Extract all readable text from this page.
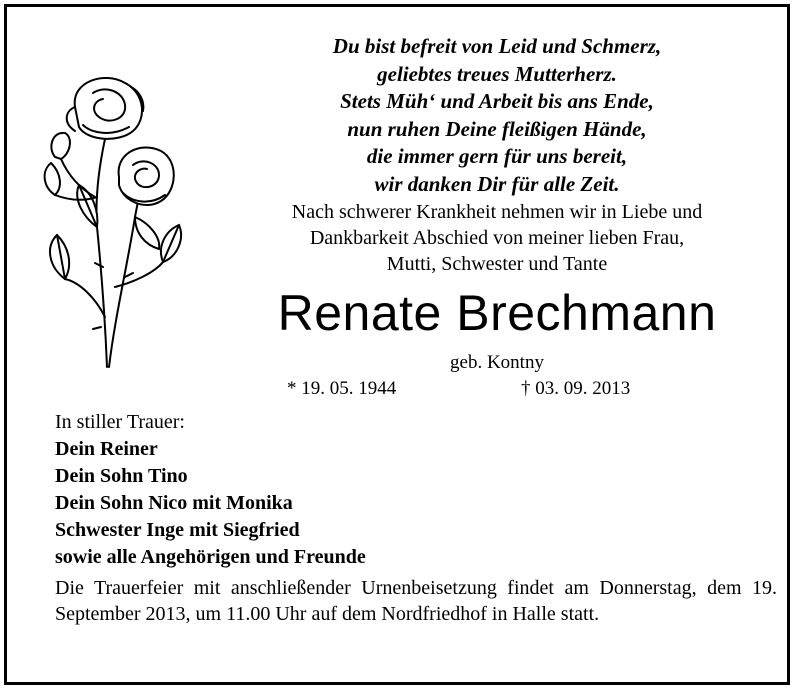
Du bist befreit von Leid und Schmerz,
geliebtes treues Mutterherz.
Stets Müh‘ und Arbeit bis ans Ende,
nun ruhen Deine fleißigen Hände,
die immer gern für uns bereit,
wir danken Dir für alle Zeit.
Nach schwerer Krankheit nehmen wir in Liebe und
Dankbarkeit Abschied von meiner lieben Frau,
Mutti, Schwester und Tante
Renate Brechmann
geb. Kontny
* 19. 05. 1944	† 03. 09. 2013
In stiller Trauer:
Dein Reiner
Dein Sohn Tino
Dein Sohn Nico mit Monika
Schwester Inge mit Siegfried
sowie alle Angehörigen und Freunde
Die Trauerfeier mit anschließender Urnenbeisetzung findet am Donnerstag, dem 19. September 2013, um 11.00 Uhr auf dem Nordfriedhof in Halle statt.
